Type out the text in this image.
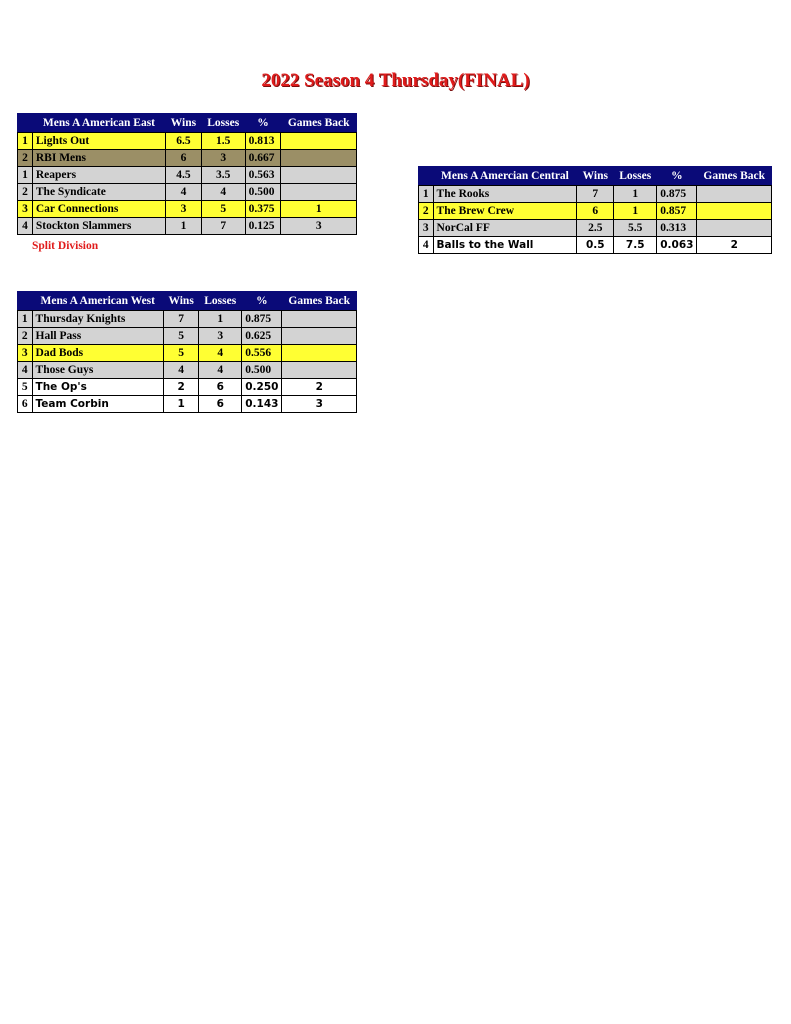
2022 Season 4 Thursday(FINAL)
	Mens A American East	Wins	Losses	%	Games Back
1	Lights Out	6.5	1.5	0.813	
2	RBI Mens	6	3	0.667	
1	Reapers	4.5	3.5	0.563	
2	The Syndicate	4	4	0.500	
3	Car Connections	3	5	0.375	1
4	Stockton Slammers	1	7	0.125	3
Split Division
	Mens A Amercian Central	Wins	Losses	%	Games Back
1	The Rooks	7	1	0.875	
2	The Brew Crew	6	1	0.857	
3	NorCal FF	2.5	5.5	0.313	
4	Balls to the Wall	0.5	7.5	0.063	2
	Mens A American West	Wins	Losses	%	Games Back
1	Thursday Knights	7	1	0.875	
2	Hall Pass	5	3	0.625	
3	Dad Bods	5	4	0.556	
4	Those Guys	4	4	0.500	
5	The Op's	2	6	0.250	2
6	Team Corbin	1	6	0.143	3
